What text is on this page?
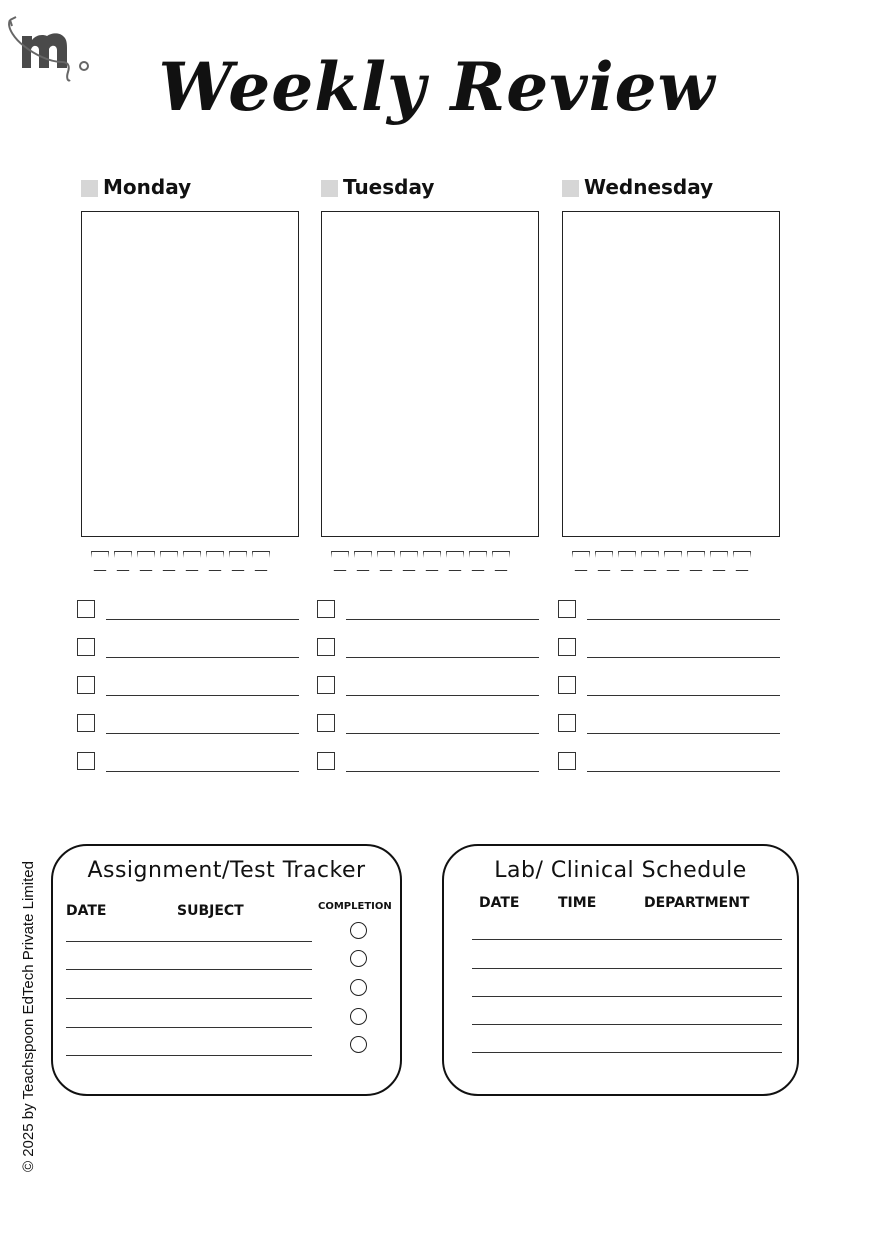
Weekly Review
Monday	Tuesday	Wednesday
Assignment/Test Tracker
DATE	SUBJECT	COMPLETION
Lab/ Clinical Schedule
DATE	TIME	DEPARTMENT
© 2025 by Teachspoon EdTech Private Limited
